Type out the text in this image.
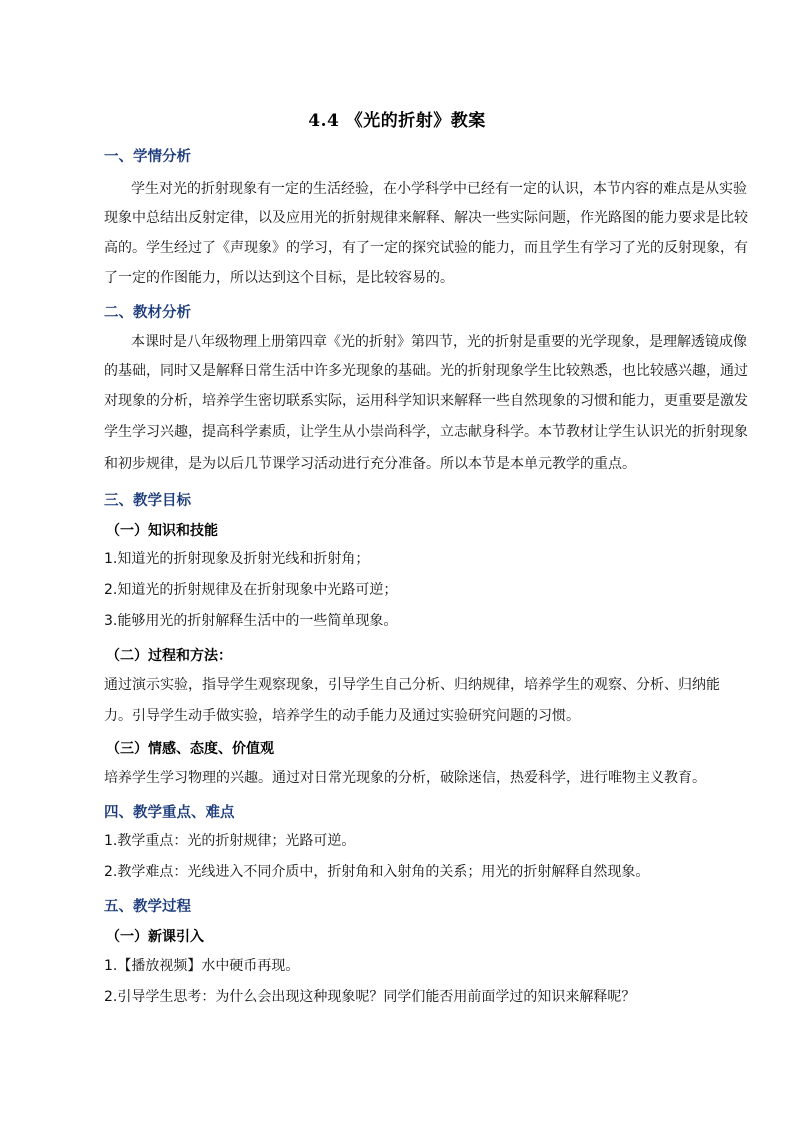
4.4 《光的折射》教案
一、学情分析
学生对光的折射现象有一定的生活经验，在小学科学中已经有一定的认识，本节内容的难点是从实验
现象中总结出反射定律，以及应用光的折射规律来解释、解决一些实际问题，作光路图的能力要求是比较
高的。学生经过了《声现象》的学习，有了一定的探究试验的能力，而且学生有学习了光的反射现象，有
了一定的作图能力，所以达到这个目标，是比较容易的。
二、教材分析
本课时是八年级物理上册第四章《光的折射》第四节，光的折射是重要的光学现象，是理解透镜成像
的基础，同时又是解释日常生活中许多光现象的基础。光的折射现象学生比较熟悉，也比较感兴趣，通过
对现象的分析，培养学生密切联系实际，运用科学知识来解释一些自然现象的习惯和能力，更重要是激发
学生学习兴趣，提高科学素质，让学生从小崇尚科学，立志献身科学。本节教材让学生认识光的折射现象
和初步规律，是为以后几节课学习活动进行充分准备。所以本节是本单元教学的重点。
三、教学目标
（一）知识和技能
1.知道光的折射现象及折射光线和折射角；
2.知道光的折射规律及在折射现象中光路可逆；
3.能够用光的折射解释生活中的一些简单现象。
（二）过程和方法：
通过演示实验，指导学生观察现象，引导学生自己分析、归纳规律，培养学生的观察、分析、归纳能
力。引导学生动手做实验，培养学生的动手能力及通过实验研究问题的习惯。
（三）情感、态度、价值观
培养学生学习物理的兴趣。通过对日常光现象的分析，破除迷信，热爱科学，进行唯物主义教育。
四、教学重点、难点
1.教学重点：光的折射规律；光路可逆。
2.教学难点：光线进入不同介质中，折射角和入射角的关系；用光的折射解释自然现象。
五、教学过程
（一）新课引入
1.【播放视频】水中硬币再现。
2.引导学生思考：为什么会出现这种现象呢？同学们能否用前面学过的知识来解释呢？
